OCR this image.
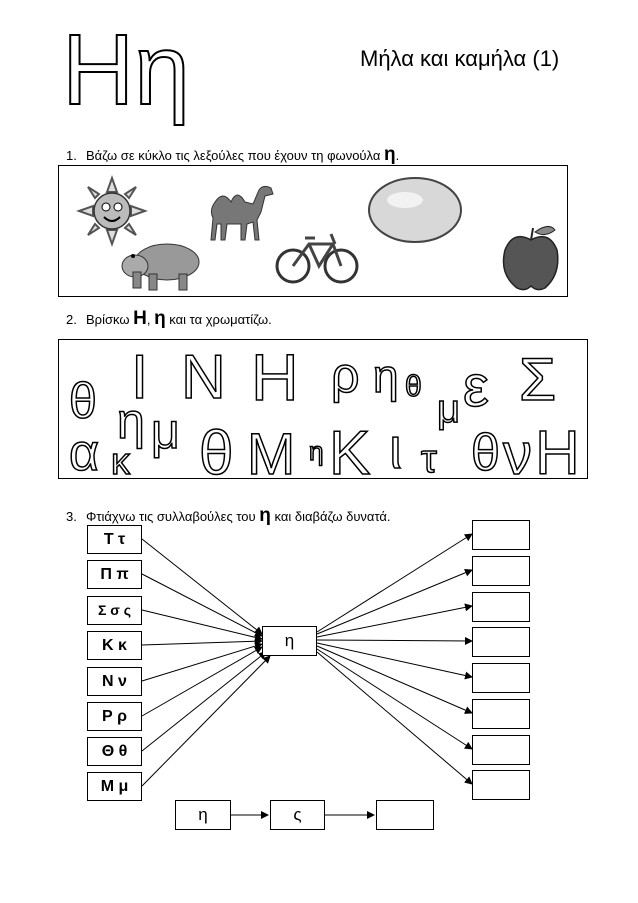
Ηη	Μήλα και καμήλα (1)
1. Βάζω σε κύκλο τις λεξούλες που έχουν τη φωνούλα η.
2. Βρίσκω Η, η και τα χρωματίζω.
θ Ι Ν Η ρ η θ ε Σ
η μ	μ
α κ θ Μ η Κ ι τ θ ν Η
3. Φτιάχνω τις συλλαβούλες του η και διαβάζω δυνατά.
Τ τ
Π π
Σ σ ς
Κ κ
Ν ν
Ρ ρ
Θ θ
Μ μ
η
η	ς
